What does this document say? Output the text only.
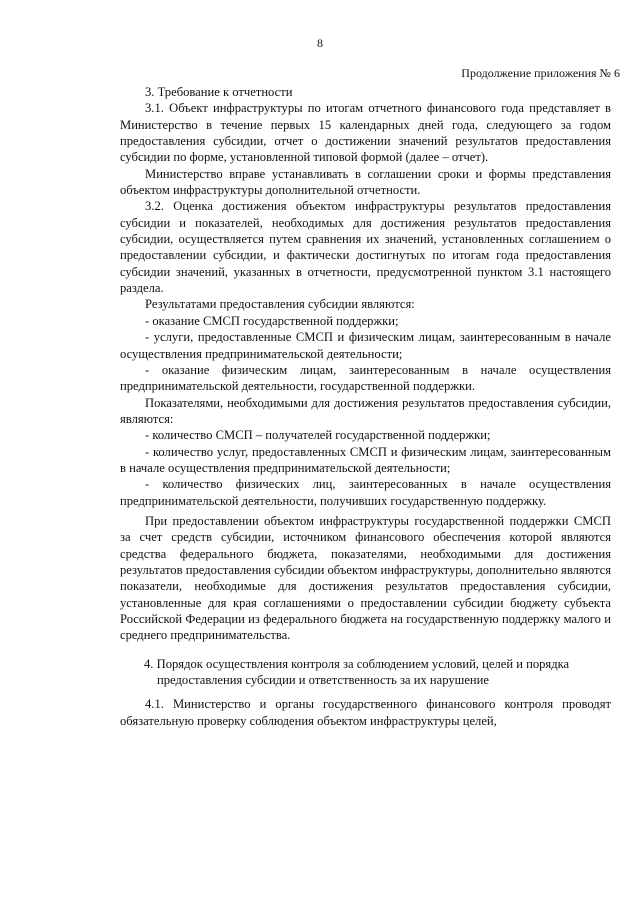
8
Продолжение приложения № 6

3. Требование к отчетности

3.1. Объект инфраструктуры по итогам отчетного финансового года представляет в Министерство в течение первых 15 календарных дней года, следующего за годом предоставления субсидии, отчет о достижении значений результатов предоставления субсидии по форме, установленной типовой формой (далее – отчет).

Министерство вправе устанавливать в соглашении сроки и формы представления объектом инфраструктуры дополнительной отчетности.

3.2. Оценка достижения объектом инфраструктуры результатов предоставления субсидии и показателей, необходимых для достижения результатов предоставления субсидии, осуществляется путем сравнения их значений, установленных соглашением о предоставлении субсидии, и фактически достигнутых по итогам года предоставления субсидии значений, указанных в отчетности, предусмотренной пунктом 3.1 настоящего раздела.

Результатами предоставления субсидии являются:

- оказание СМСП государственной поддержки;

- услуги, предоставленные СМСП и физическим лицам, заинтересованным в начале осуществления предпринимательской деятельности;

- оказание физическим лицам, заинтересованным в начале осуществления предпринимательской деятельности, государственной поддержки.

Показателями, необходимыми для достижения результатов предоставления субсидии, являются:

- количество СМСП – получателей государственной поддержки;

- количество услуг, предоставленных СМСП и физическим лицам, заинтересованным в начале осуществления предпринимательской деятельности;

- количество физических лиц, заинтересованных в начале осуществления предпринимательской деятельности, получивших государственную поддержку.

При предоставлении объектом инфраструктуры государственной поддержки СМСП за счет средств субсидии, источником финансового обеспечения которой являются средства федерального бюджета, показателями, необходимыми для достижения результатов предоставления субсидии объектом инфраструктуры, дополнительно являются показатели, необходимые для достижения результатов предоставления субсидии, установленные для края соглашениями о предоставлении субсидии бюджету субъекта Российской Федерации из федерального бюджета на государственную поддержку малого и среднего предпринимательства.

4. Порядок осуществления контроля за соблюдением условий, целей и порядка предоставления субсидии и ответственность за их нарушение

4.1. Министерство и органы государственного финансового контроля проводят обязательную проверку соблюдения объектом инфраструктуры целей,
